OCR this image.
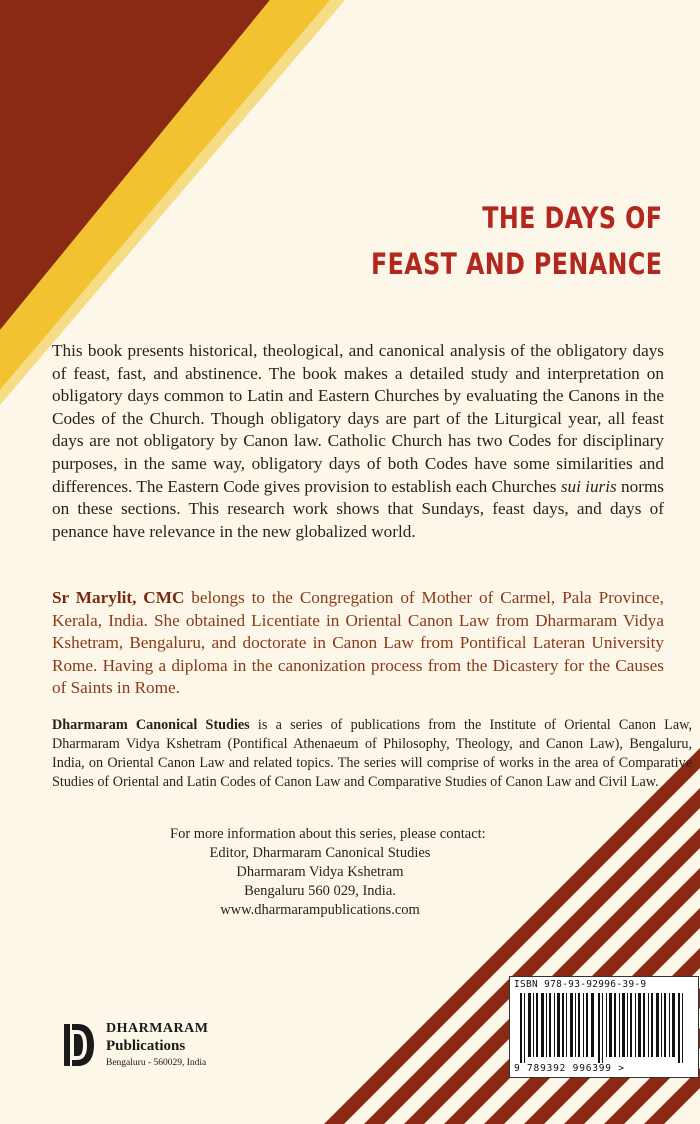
THE DAYS OF
FEAST AND PENANCE
This book presents historical, theological, and canonical analysis of the obligatory days of feast, fast, and abstinence. The book makes a detailed study and interpretation on obligatory days common to Latin and Eastern Churches by evaluating the Canons in the Codes of the Church. Though obligatory days are part of the Liturgical year, all feast days are not obligatory by Canon law. Catholic Church has two Codes for disciplinary purposes, in the same way, obligatory days of both Codes have some similarities and differences. The Eastern Code gives provision to establish each Churches sui iuris norms on these sections. This research work shows that Sundays, feast days, and days of penance have relevance in the new globalized world.
Sr Marylit, CMC belongs to the Congregation of Mother of Carmel, Pala Province, Kerala, India. She obtained Licentiate in Oriental Canon Law from Dharmaram Vidya Kshetram, Bengaluru, and doctorate in Canon Law from Pontifical Lateran University Rome. Having a diploma in the canonization process from the Dicastery for the Causes of Saints in Rome.
Dharmaram Canonical Studies is a series of publications from the Institute of Oriental Canon Law, Dharmaram Vidya Kshetram (Pontifical Athenaeum of Philosophy, Theology, and Canon Law), Bengaluru, India, on Oriental Canon Law and related topics. The series will comprise of works in the area of Comparative Studies of Oriental and Latin Codes of Canon Law and Comparative Studies of Canon Law and Civil Law.
For more information about this series, please contact:
Editor, Dharmaram Canonical Studies
Dharmaram Vidya Kshetram
Bengaluru 560 029, India.
www.dharmarampublications.com
DHARMARAM
Publications
Bengaluru - 560029, India
ISBN 978-93-92996-39-9
9 789392 996399 >
